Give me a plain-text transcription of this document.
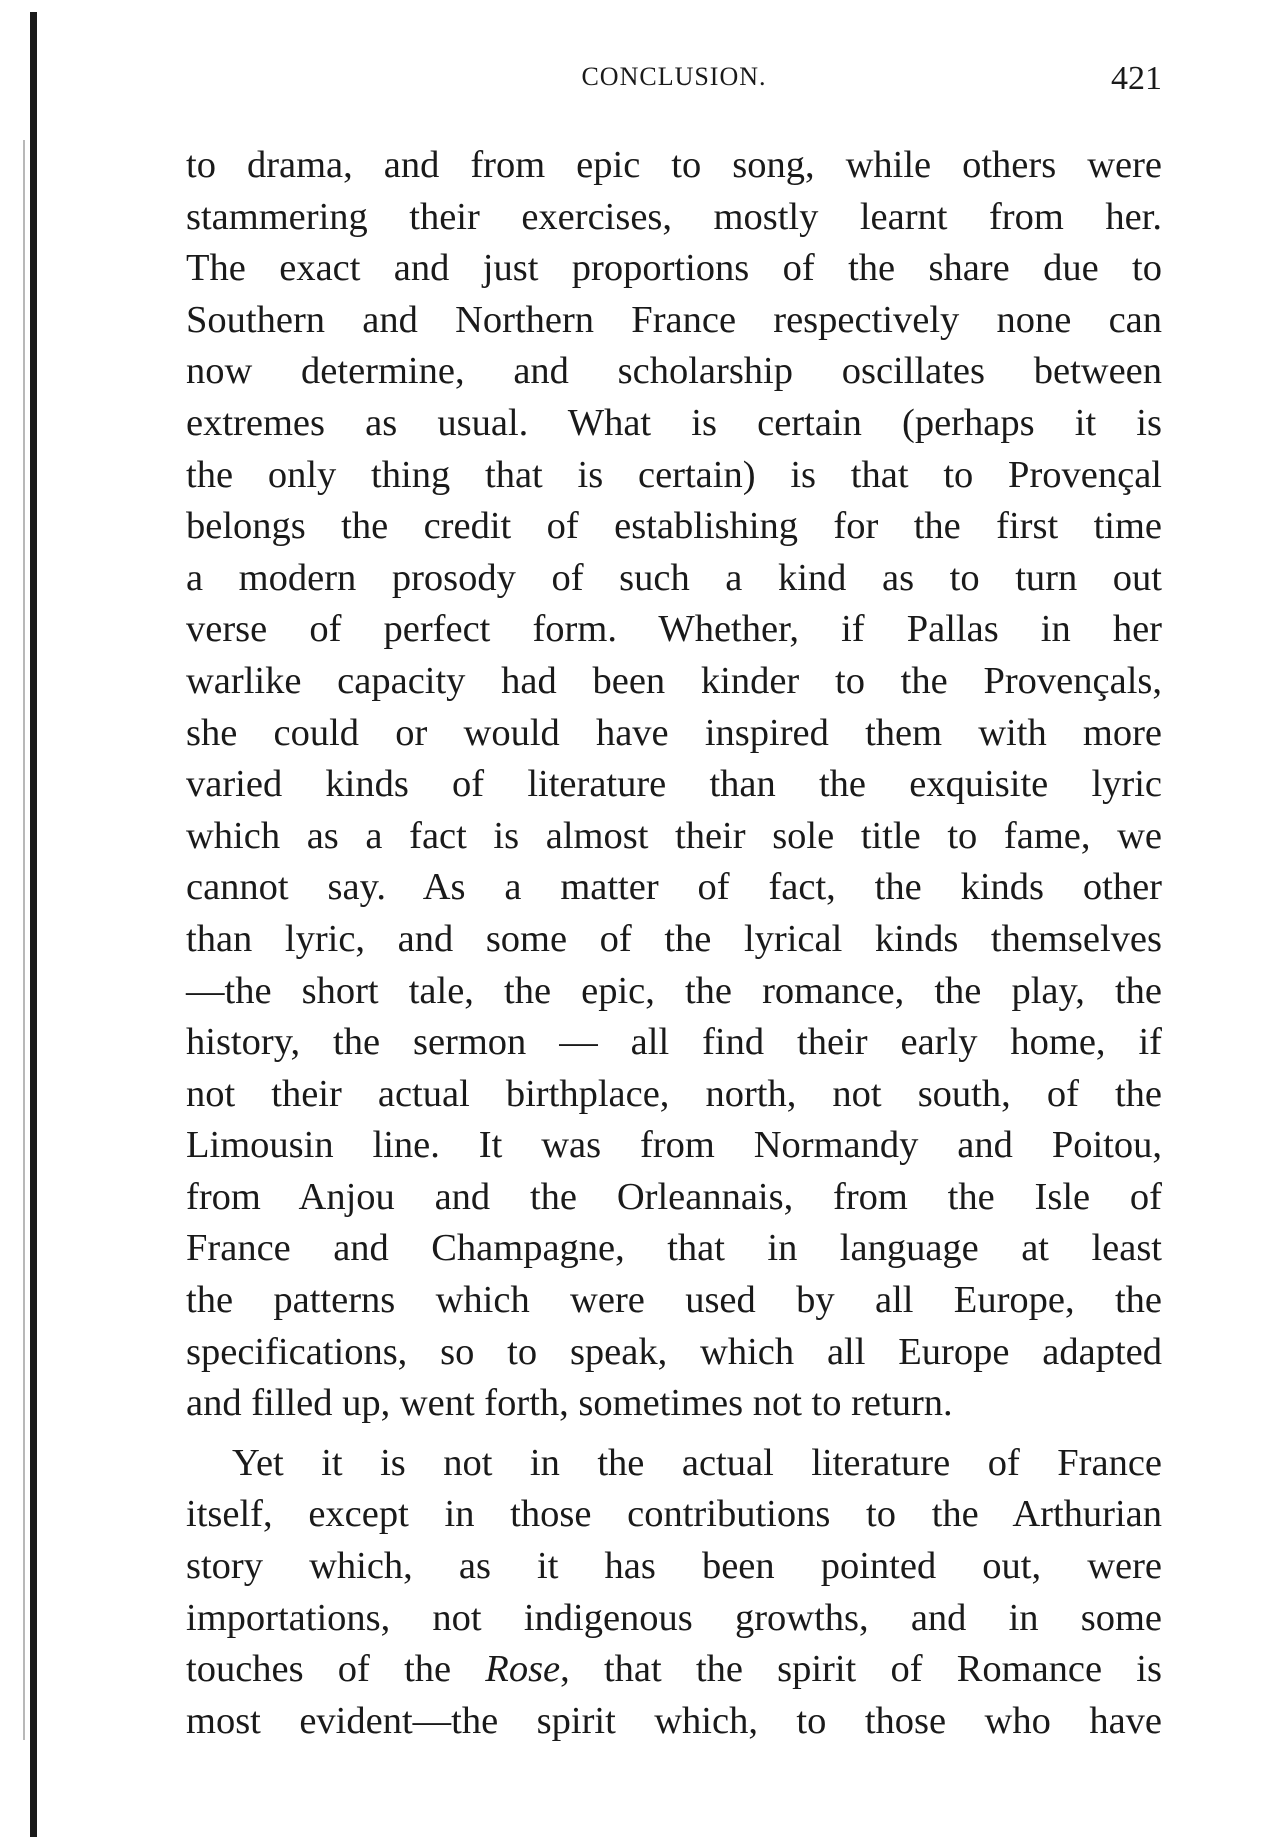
CONCLUSION.	421
to drama, and from epic to song, while others were
stammering their exercises, mostly learnt from her.
The exact and just proportions of the share due to
Southern and Northern France respectively none can
now determine, and scholarship oscillates between
extremes as usual. What is certain (perhaps it is
the only thing that is certain) is that to Provençal
belongs the credit of establishing for the first time
a modern prosody of such a kind as to turn out
verse of perfect form. Whether, if Pallas in her
warlike capacity had been kinder to the Provençals,
she could or would have inspired them with more
varied kinds of literature than the exquisite lyric
which as a fact is almost their sole title to fame, we
cannot say. As a matter of fact, the kinds other
than lyric, and some of the lyrical kinds themselves
—the short tale, the epic, the romance, the play, the
history, the sermon — all find their early home, if
not their actual birthplace, north, not south, of the
Limousin line. It was from Normandy and Poitou,
from Anjou and the Orleannais, from the Isle of
France and Champagne, that in language at least
the patterns which were used by all Europe, the
specifications, so to speak, which all Europe adapted
and filled up, went forth, sometimes not to return.
Yet it is not in the actual literature of France
itself, except in those contributions to the Arthurian
story which, as it has been pointed out, were
importations, not indigenous growths, and in some
touches of the Rose, that the spirit of Romance is
most evident—the spirit which, to those who have
